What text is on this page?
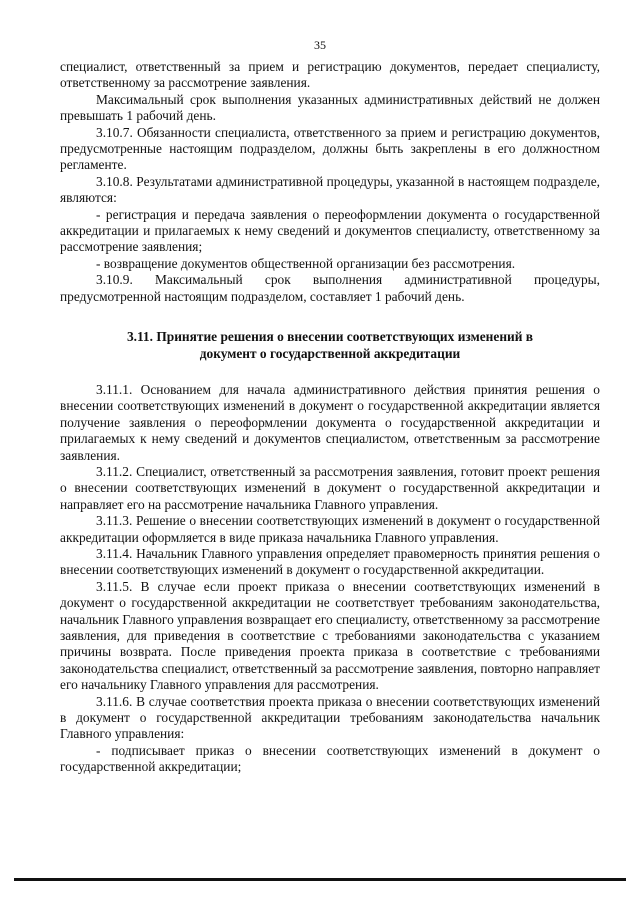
35

специалист, ответственный за прием и регистрацию документов, передает специалисту, ответственному за рассмотрение заявления.

Максимальный срок выполнения указанных административных действий не должен превышать 1 рабочий день.

3.10.7. Обязанности специалиста, ответственного за прием и регистрацию документов, предусмотренные настоящим подразделом, должны быть закреплены в его должностном регламенте.

3.10.8. Результатами административной процедуры, указанной в настоящем подразделе, являются:

- регистрация и передача заявления о переоформлении документа о государственной аккредитации и прилагаемых к нему сведений и документов специалисту, ответственному за рассмотрение заявления;

- возвращение документов общественной организации без рассмотрения.

3.10.9. Максимальный срок выполнения административной процедуры, предусмотренной настоящим подразделом, составляет 1 рабочий день.

3.11. Принятие решения о внесении соответствующих изменений в
документ о государственной аккредитации

3.11.1. Основанием для начала административного действия принятия решения о внесении соответствующих изменений в документ о государственной аккредитации является получение заявления о переоформлении документа о государственной аккредитации и прилагаемых к нему сведений и документов специалистом, ответственным за рассмотрение заявления.

3.11.2. Специалист, ответственный за рассмотрения заявления, готовит проект решения о внесении соответствующих изменений в документ о государственной аккредитации и направляет его на рассмотрение начальника Главного управления.

3.11.3. Решение о внесении соответствующих изменений в документ о государственной аккредитации оформляется в виде приказа начальника Главного управления.

3.11.4. Начальник Главного управления определяет правомерность принятия решения о внесении соответствующих изменений в документ о государственной аккредитации.

3.11.5. В случае если проект приказа о внесении соответствующих изменений в документ о государственной аккредитации не соответствует требованиям законодательства, начальник Главного управления возвращает его специалисту, ответственному за рассмотрение заявления, для приведения в соответствие с требованиями законодательства с указанием причины возврата. После приведения проекта приказа в соответствие с требованиями законодательства специалист, ответственный за рассмотрение заявления, повторно направляет его начальнику Главного управления для рассмотрения.

3.11.6. В случае соответствия проекта приказа о внесении соответствующих изменений в документ о государственной аккредитации требованиям законодательства начальник Главного управления:

- подписывает приказ о внесении соответствующих изменений в документ о государственной аккредитации;
